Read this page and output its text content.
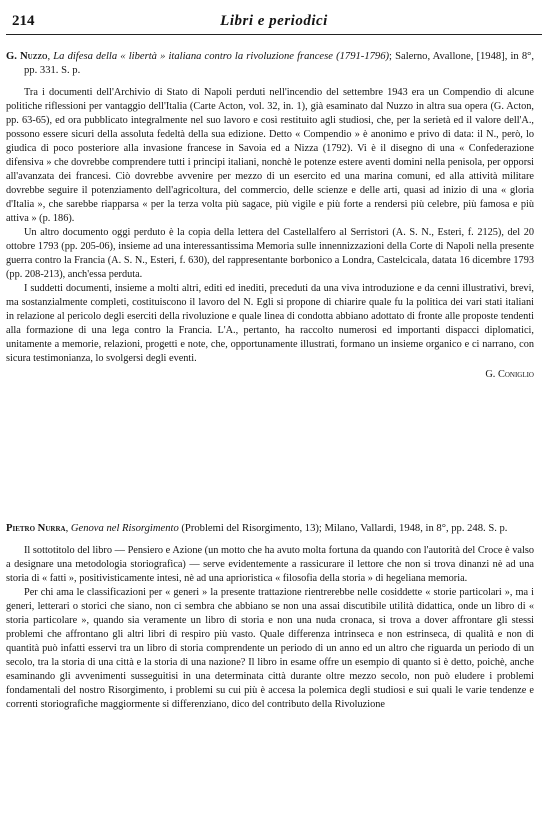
214	Libri e periodici

G. Nuzzo, La difesa della « libertà » italiana contro la rivoluzione francese (1791-1796); Salerno, Avallone, [1948], in 8°, pp. 331. S. p.

Tra i documenti dell'Archivio di Stato di Napoli perduti nell'incendio del settembre 1943 era un Compendio di alcune politiche riflessioni per vantaggio dell'Italia (Carte Acton, vol. 32, in. 1), già esaminato dal Nuzzo in altra sua opera (G. Acton, pp. 63-65), ed ora pubblicato integralmente nel suo lavoro e così restituito agli studiosi, che, per la serietà ed il valore dell'A., possono essere sicuri della assoluta fedeltà della sua edizione. Detto « Compendio » è anonimo e privo di data: il N., però, lo giudica di poco posteriore alla invasione francese in Savoia ed a Nizza (1792). Vi è il disegno di una « Confederazione difensiva » che dovrebbe comprendere tutti i principi italiani, nonchè le potenze estere aventi domini nella penisola, per opporsi all'avanzata dei francesi. Ciò dovrebbe avvenire per mezzo di un esercito ed una marina comuni, ed alla attività militare dovrebbe seguire il potenziamento dell'agricoltura, del commercio, delle scienze e delle arti, quasi ad inizio di una « gloria d'Italia », che sarebbe riapparsa « per la terza volta più sagace, più vigile e più forte a rendersi più celebre, più famosa e più attiva » (p. 186).

Un altro documento oggi perduto è la copia della lettera del Castellalfero al Serristori (A. S. N., Esteri, f. 2125), del 20 ottobre 1793 (pp. 205-06), insieme ad una interessantissima Memoria sulle innennizzazioni della Corte di Napoli nella presente guerra contro la Francia (A. S. N., Esteri, f. 630), del rappresentante borbonico a Londra, Castelcicala, datata 16 dicembre 1793 (pp. 208-213), anch'essa perduta.

I suddetti documenti, insieme a molti altri, editi ed inediti, preceduti da una viva introduzione e da cenni illustrativi, brevi, ma sostanzialmente completi, costituiscono il lavoro del N. Egli si propone di chiarire quale fu la politica dei vari stati italiani in relazione al pericolo degli eserciti della rivoluzione e quale linea di condotta abbiano adottato di fronte alle proposte tendenti alla formazione di una lega contro la Francia. L'A., pertanto, ha raccolto numerosi ed importanti dispacci diplomatici, unitamente a memorie, relazioni, progetti e note, che, opportunamente illustrati, formano un insieme organico e ci narrano, con sicura testimonianza, lo svolgersi degli eventi.

G. Coniglio

Pietro Nurra, Genova nel Risorgimento (Problemi del Risorgimento, 13); Milano, Vallardi, 1948, in 8°, pp. 248. S. p.

Il sottotitolo del libro — Pensiero e Azione (un motto che ha avuto molta fortuna da quando con l'autorità del Croce è valso a designare una metodologia storiografica) — serve evidentemente a rassicurare il lettore che non si trova dinanzi nè ad una storia di « fatti », positivisticamente intesi, nè ad una aprioristica « filosofia della storia » di hegeliana memoria.

Per chi ama le classificazioni per « generi » la presente trattazione rientrerebbe nelle cosiddette « storie particolari », ma i generi, letterari o storici che siano, non ci sembra che abbiano se non una assai discutibile utilità didattica, onde un libro di « storia particolare », quando sia veramente un libro di storia e non una nuda cronaca, si trova a dover affrontare gli stessi problemi che affrontano gli altri libri di respiro più vasto. Quale differenza intrinseca e non estrinseca, di qualità e non di quantità può infatti esservi tra un libro di storia comprendente un periodo di un anno ed un altro che riguarda un periodo di un secolo, tra la storia di una città e la storia di una nazione? Il libro in esame offre un esempio di quanto si è detto, poichè, anche esaminando gli avvenimenti susseguitisi in una determinata città durante oltre mezzo secolo, non può eludere i problemi fondamentali del nostro Risorgimento, i problemi su cui più è accesa la polemica degli studiosi e sui quali le varie tendenze e correnti storiografiche maggiormente si differenziano, dico del contributo della Rivoluzione
